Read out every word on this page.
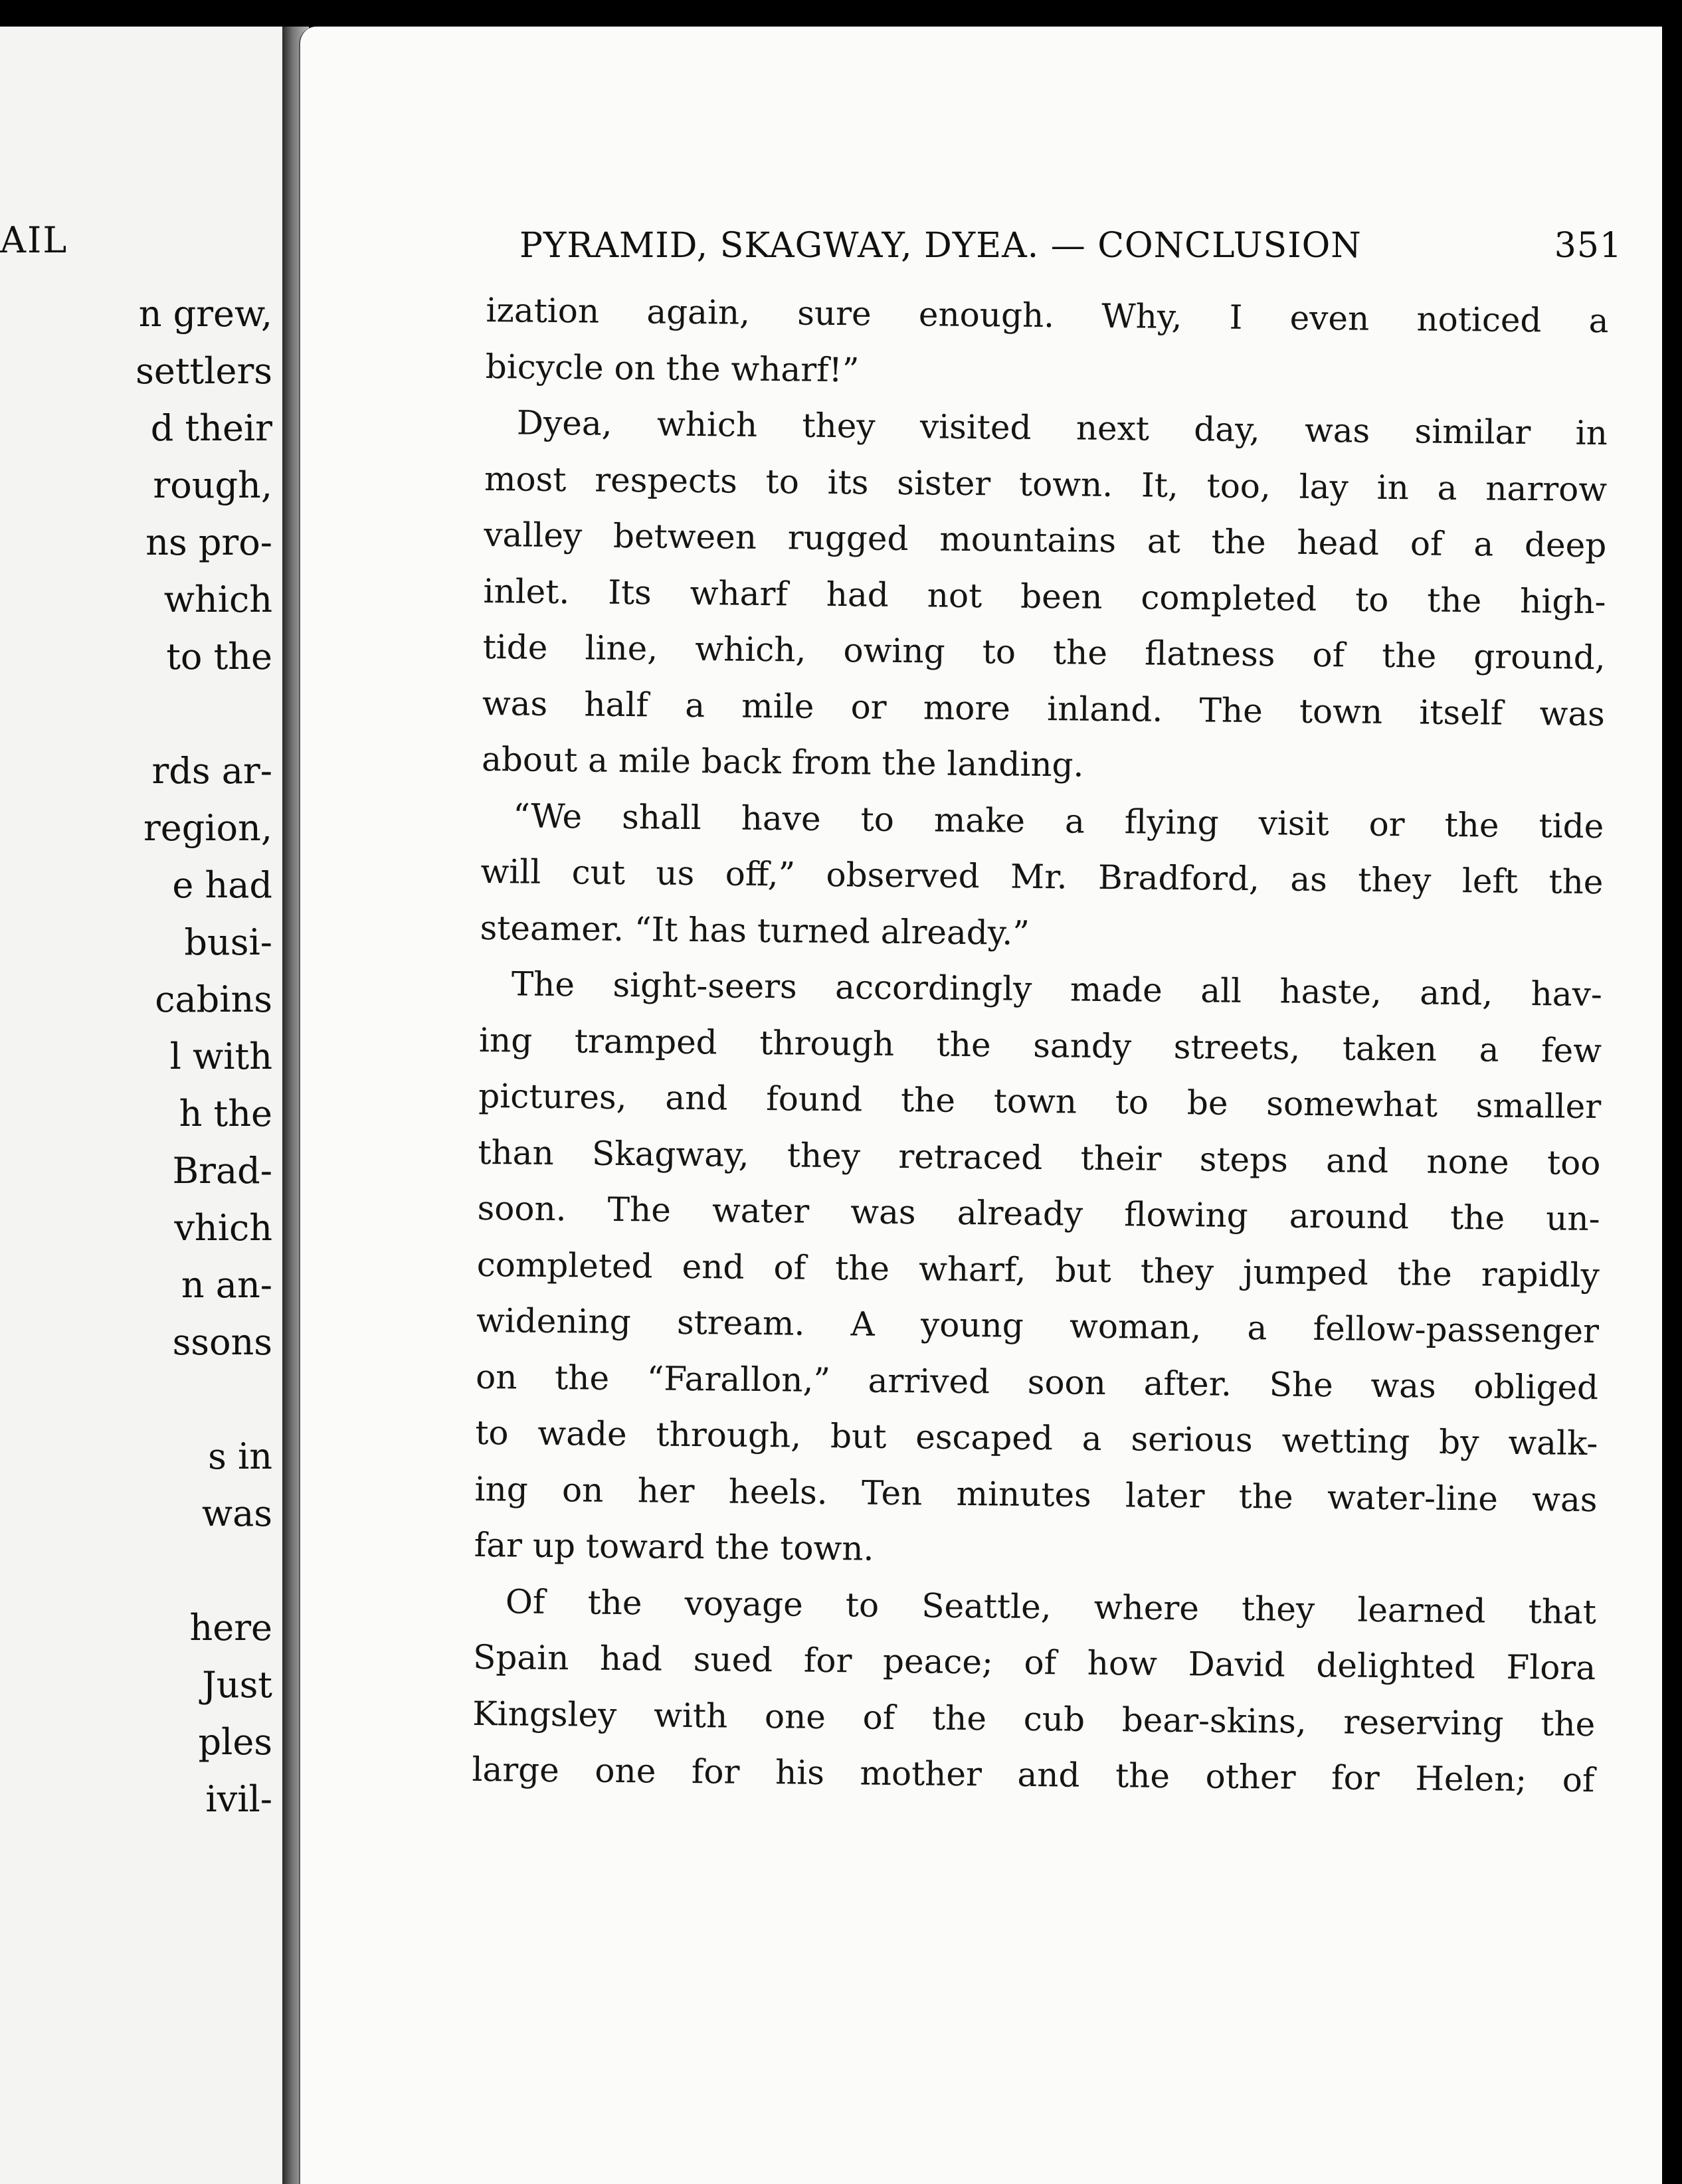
AIL
n grew,
settlers
d their
rough,
ns pro-
which
to the
rds ar-
region,
e had
busi-
cabins
l with
h the
Brad-
vhich
n an-
ssons
s in
was
here
Just
ples
ivil-
PYRAMID, SKAGWAY, DYEA. — CONCLUSION	351
ization again, sure enough. Why, I even noticed a
bicycle on the wharf!”
Dyea, which they visited next day, was similar in
most respects to its sister town. It, too, lay in a narrow
valley between rugged mountains at the head of a deep
inlet. Its wharf had not been completed to the high-
tide line, which, owing to the flatness of the ground,
was half a mile or more inland. The town itself was
about a mile back from the landing.
“We shall have to make a flying visit or the tide
will cut us off,” observed Mr. Bradford, as they left the
steamer. “It has turned already.”
The sight-seers accordingly made all haste, and, hav-
ing tramped through the sandy streets, taken a few
pictures, and found the town to be somewhat smaller
than Skagway, they retraced their steps and none too
soon. The water was already flowing around the un-
completed end of the wharf, but they jumped the rapidly
widening stream. A young woman, a fellow-passenger
on the “Farallon,” arrived soon after. She was obliged
to wade through, but escaped a serious wetting by walk-
ing on her heels. Ten minutes later the water-line was
far up toward the town.
Of the voyage to Seattle, where they learned that
Spain had sued for peace; of how David delighted Flora
Kingsley with one of the cub bear-skins, reserving the
large one for his mother and the other for Helen; of
